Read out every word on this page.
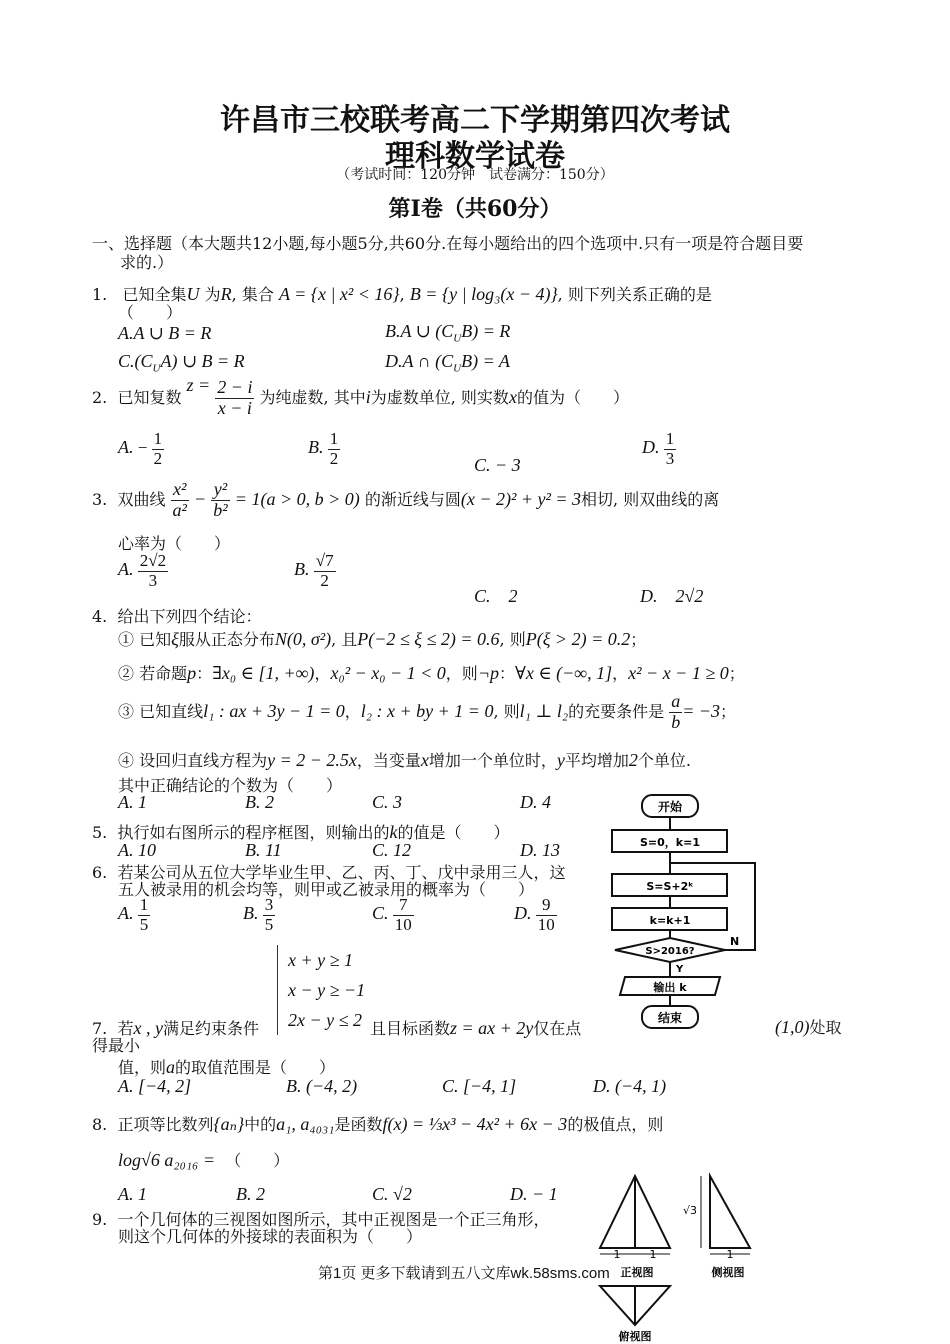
许昌市三校联考高二下学期第四次考试
理科数学试卷
（考试时间：120分钟　试卷满分：150分）
第Ⅰ卷（共60分）
一、选择题（本大题共12小题,每小题5分,共60分.在每小题给出的四个选项中.只有一项是符合题目要
求的.）
1. 已知全集U 为R, 集合 A = {x | x² < 16}, B = {y | log₃(x − 4)}, 则下列关系正确的是
（　　）
A.A ∪ B = R	B.A ∪ $(C_UB) = R$
$C.(C_UA)$ ∪ B = R	D.A ∩ $(C_UB) = A$
2. 已知复数 $z = \frac{2 - i}{x - i}$ 为纯虚数, 其中i为虚数单位, 则实数x的值为（　　）
A. − $\frac{1}{2}$	B. $\frac{1}{2}$	C. − 3
D. $\frac{1}{3}$
3. 双曲线 $\frac{\text{x²}}{\text{a²}} - \frac{\text{y²}}{\text{b²}} = 1(a > 0$, b > 0) 的渐近线与圆(x − 2)² + y² = 3相切, 则双曲线的离
心率为（　　）
A. $\frac{2√2}{3}$	B. $\frac{√7}{2}$
C.　2	D.　2√2
4. 给出下列四个结论：
① 已知ξ服从正态分布N(0, σ²), 且P(−2 ≤ ξ ≤ 2) = 0.6, 则P(ξ > 2) = 0.2；
② 若命题p：∃x₀ ∈ [1, +∞)，x₀² − x₀ − 1 < 0，则¬p：∀x ∈ (−∞, 1]，x² − x − 1 ≥ 0；
③ 已知直线l₁ : ax + 3y − 1 = 0，l₂ : x + by + 1 = 0, 则l₁ ⊥ l₂的充要条件是 $\frac{a}{b} = -3$；
④ 设回归直线方程为y = 2 − 2.5x，当变量x增加一个单位时，y平均增加2个单位.
其中正确结论的个数为（　　）
A. 1	B. 2	C. 3	D. 4
5. 执行如右图所示的程序框图，则输出的k的值是（　　）
A. 10	B. 11	C. 12	D. 13
6. 若某公司从五位大学毕业生甲、乙、丙、丁、戊中录用三人，这
五人被录用的机会均等，则甲或乙被录用的概率为（　　）
A. $\frac{1}{5}$	B. $\frac{3}{5}$	C. $\frac{7}{10}$	D. $\frac{9}{10}$
x + y ≥ 1
x − y ≥ −1
2x − y ≤ 2
7. 若x , y满足约束条件	且目标函数z = ax + 2y仅在点	(1,0)处取
得最小
值，则a的取值范围是（　　）
A. [−4, 2]	B. (−4, 2)	C. [−4, 1]	D. (−4, 1)
8. 正项等比数列{aₙ}中的a₁, a₄₀₃₁是函数f(x) = ⅓x³ − 4x² + 6x − 3的极值点，则
log√6 a₂₀₁₆ = （　　）
A. 1	B. 2	C. √2	D. − 1
9. 一个几何体的三视图如图所示，其中正视图是一个正三角形，
则这个几何体的外接球的表面积为（　　）
开始
S=0，k=1
S=S+2ᵏ
k=k+1
S>2016?
N
Y
输出 k
结束
1	1
正视图
√3
1
侧视图
俯视图
第1页 更多下载请到五八文库wk.58sms.com
